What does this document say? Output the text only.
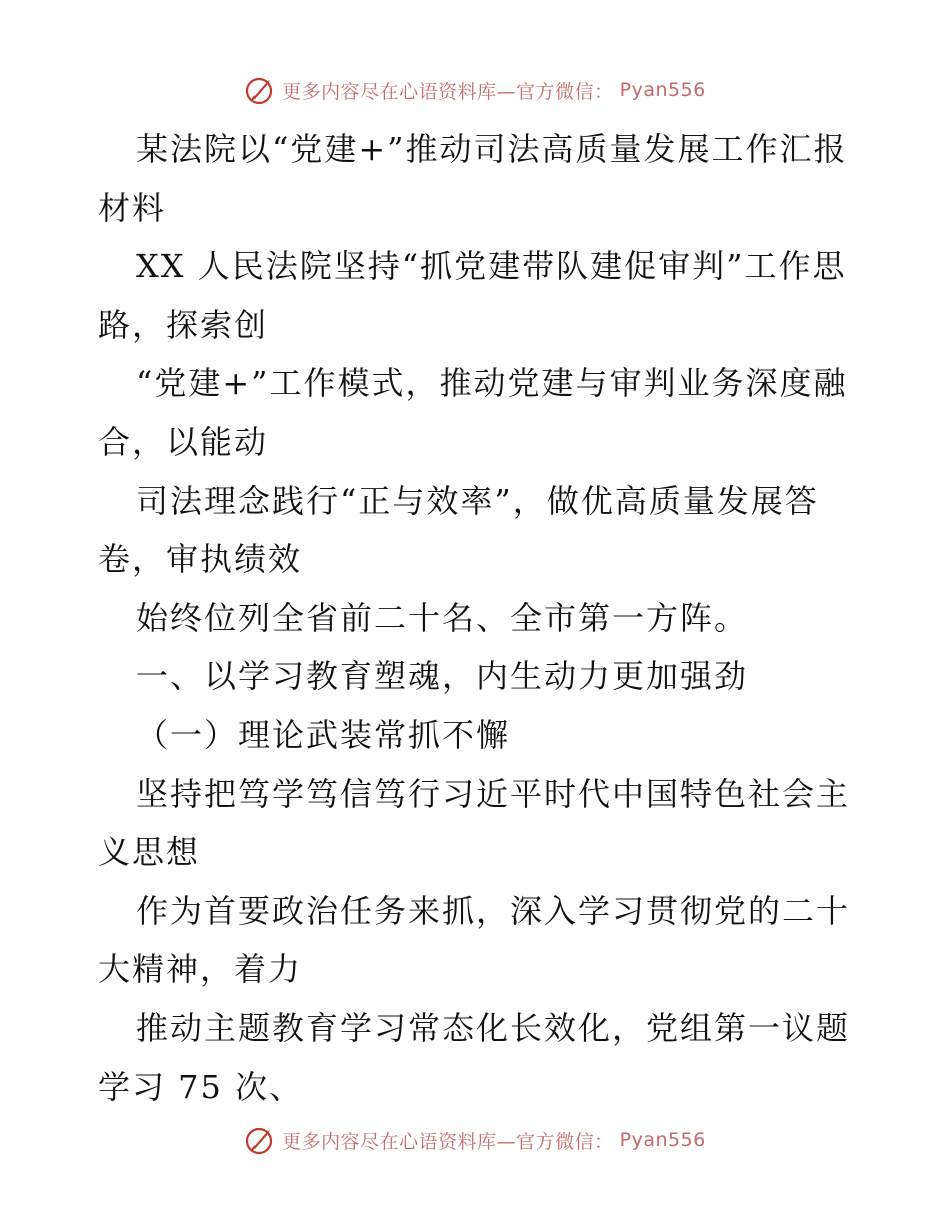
更多内容尽在心语资料库—官方微信： Pyan556

某法院以“党建+”推动司法高质量发展工作汇报材料

XX 人民法院坚持“抓党建带队建促审判”工作思路，探索创

“党建+”工作模式，推动党建与审判业务深度融合，以能动

司法理念践行“正与效率”，做优高质量发展答卷，审执绩效

始终位列全省前二十名、全市第一方阵。

一、以学习教育塑魂，内生动力更加强劲

（一）理论武装常抓不懈

坚持把笃学笃信笃行习近平时代中国特色社会主义思想

作为首要政治任务来抓，深入学习贯彻党的二十大精神，着力

推动主题教育学习常态化长效化，党组第一议题学习 75 次、

更多内容尽在心语资料库—官方微信： Pyan556
